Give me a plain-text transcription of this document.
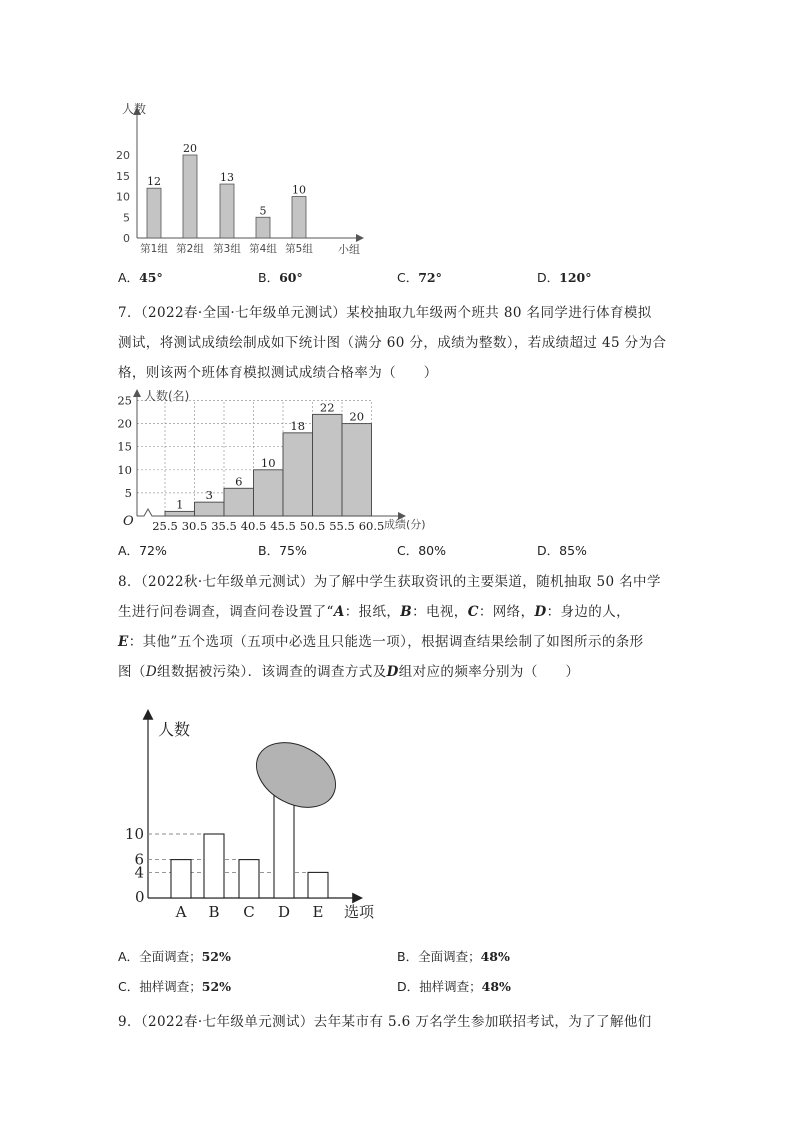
人数
小组
0
5
10
15
20
12
第1组
20
第2组
13
第3组
5
第4组
10
第5组
A．45°	B．60°	C．72°	D．120°
7．（2022春·全国·七年级单元测试）某校抽取九年级两个班共 80 名同学进行体育模拟
测试，将测试成绩绘制成如下统计图（满分 60 分，成绩为整数），若成绩超过 45 分为合
格，则该两个班体育模拟测试成绩合格率为（　　）
O
人数(名)
成绩(分)
5
10
15
20
25
1
3
6
10
18
22
20
25.5 30.5 35.5 40.5 45.5 50.5 55.5 60.5
A．72%	B．75%	C．80%	D．85%
8．（2022秋·七年级单元测试）为了解中学生获取资讯的主要渠道，随机抽取 50 名中学
生进行问卷调查，调查问卷设置了“A：报纸，B：电视，C：网络，D：身边的人，
E：其他”五个选项（五项中必选且只能选一项），根据调查结果绘制了如图所示的条形
图（D组数据被污染）．该调查的调查方式及D组对应的频率分别为（　　）
人数
选项
0
4
6
10
A B C D E
A．全面调查；52%	B．全面调查；48%
C．抽样调查；52%	D．抽样调查；48%
9．（2022春·七年级单元测试）去年某市有 5.6 万名学生参加联招考试，为了了解他们
